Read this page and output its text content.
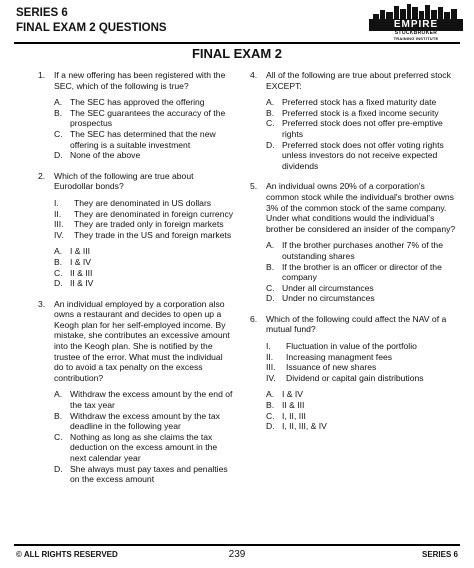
SERIES 6
FINAL EXAM 2 QUESTIONS	EMPIRE
STOCKBROKER
TRAINING INSTITUTE
FINAL EXAM 2
1. If a new offering has been registered with the SEC, which of the following is true?
A. The SEC has approved the offering
B. The SEC guarantees the accuracy of the prospectus
C. The SEC has determined that the new offering is a suitable investment
D. None of the above
2. Which of the following are true about Eurodollar bonds?
I. They are denominated in US dollars
II. They are denominated in foreign currency
III. They are traded only in foreign markets
IV. They trade in the US and foreign markets
A. I & III
B. I & IV
C. II & III
D. II & IV
3. An individual employed by a corporation also owns a restaurant and decides to open up a Keogh plan for her self-employed income. By mistake, she contributes an excessive amount into the Keogh plan. She is notified by the trustee of the error. What must the individual do to avoid a tax penalty on the excess contribution?
A. Withdraw the excess amount by the end of the tax year
B. Withdraw the excess amount by the tax deadline in the following year
C. Nothing as long as she claims the tax deduction on the excess amount in the next calendar year
D. She always must pay taxes and penalties on the excess amount
4. All of the following are true about preferred stock EXCEPT:
A. Preferred stock has a fixed maturity date
B. Preferred stock is a fixed income security
C. Preferred stock does not offer pre-emptive rights
D. Preferred stock does not offer voting rights unless investors do not receive expected dividends
5. An individual owns 20% of a corporation's common stock while the individual's brother owns 3% of the common stock of the same company. Under what conditions would the individual's brother be considered an insider of the company?
A. If the brother purchases another 7% of the outstanding shares
B. If the brother is an officer or director of the company
C. Under all circumstances
D. Under no circumstances
6. Which of the following could affect the NAV of a mutual fund?
I. Fluctuation in value of the portfolio
II. Increasing managment fees
III. Issuance of new shares
IV. Dividend or capital gain distributions
A. I & IV
B. II & III
C. I, II, III
D. I, II, III, & IV
© ALL RIGHTS RESERVED	239	SERIES 6
